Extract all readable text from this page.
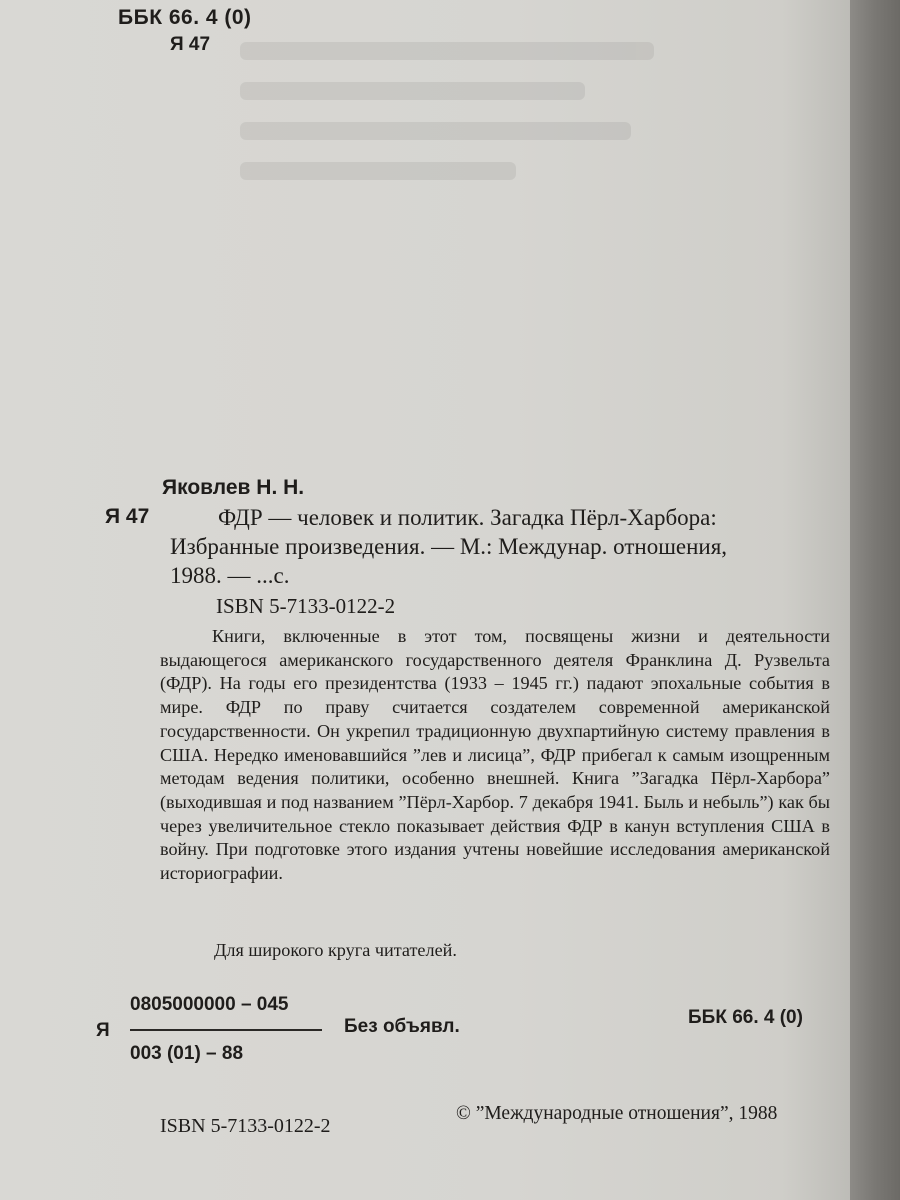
ББК 66. 4 (0)
Я 47
Яковлев Н. Н.
Я 47	ФДР — человек и политик. Загадка Пёрл-Харбора:
Избранные произведения. — М.: Междунар. отношения,
1988. — ...с.
ISBN 5-7133-0122-2

Книги, включенные в этот том, посвящены жизни и деятельности выдающегося американского государственного деятеля Франклина Д. Рузвельта (ФДР). На годы его президентства (1933 – 1945 гг.) падают эпохальные события в мире. ФДР по праву считается создателем современной американской государственности. Он укрепил традиционную двухпартийную систему правления в США. Нередко именовавшийся ”лев и лисица”, ФДР прибегал к самым изощренным методам ведения политики, особенно внешней. Книга ”Загадка Пёрл-Харбора” (выходившая и под названием ”Пёрл-Харбор. 7 декабря 1941. Быль и небыль”) как бы через увеличительное стекло показывает действия ФДР в канун вступления США в войну. При подготовке этого издания учтены новейшие исследования американской историографии.

Для широкого круга читателей.
0805000000 – 045
Я
003 (01) – 88
Без объявл.	ББК 66. 4 (0)
ISBN 5-7133-0122-2
© ”Международные отношения”, 1988
